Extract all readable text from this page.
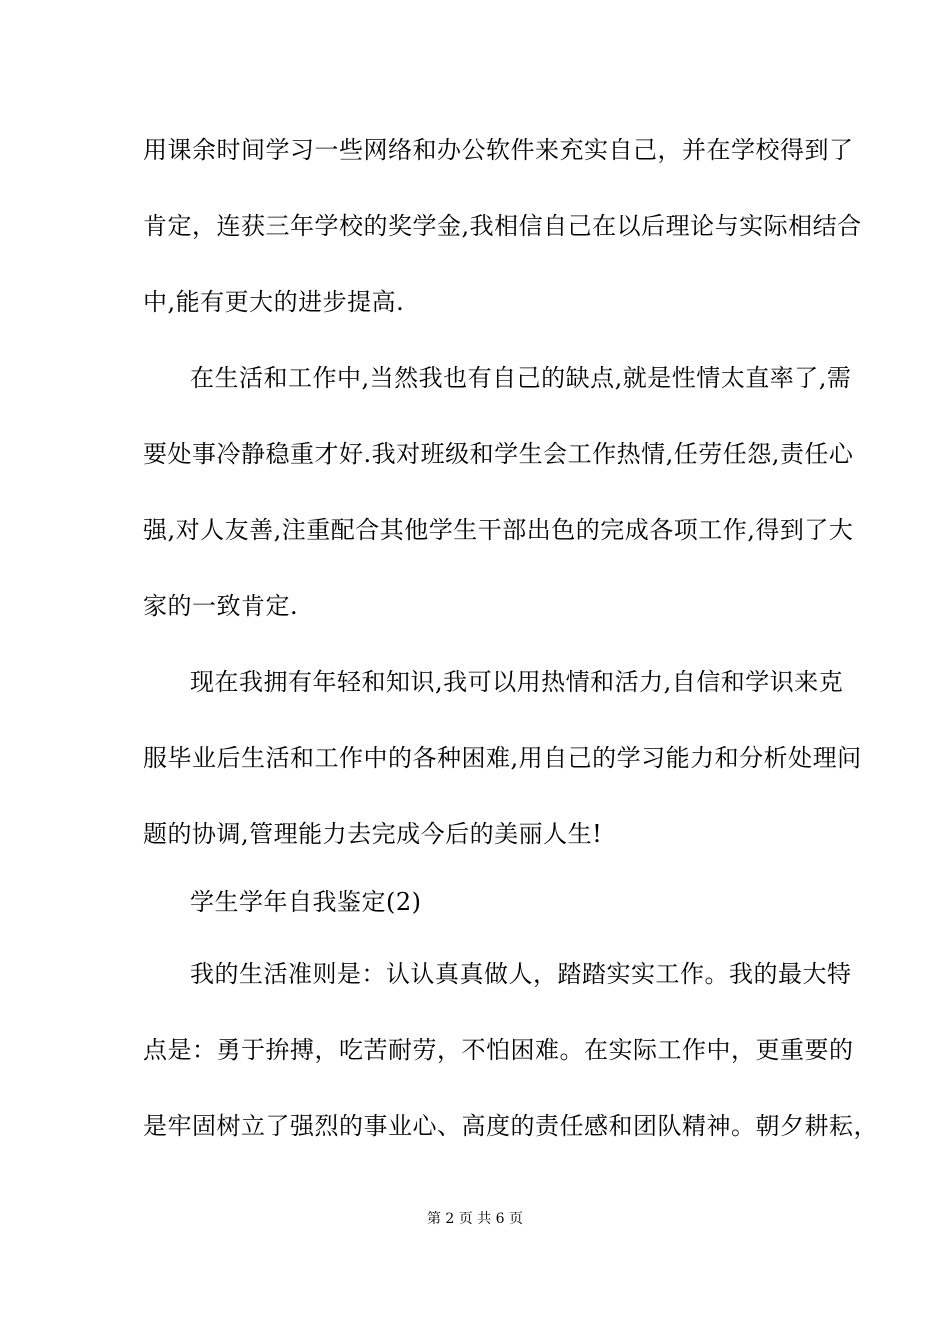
用课余时间学习一些网络和办公软件来充实自己，并在学校得到了
肯定，连获三年学校的奖学金,我相信自己在以后理论与实际相结合
中,能有更大的进步提高.
在生活和工作中,当然我也有自己的缺点,就是性情太直率了,需
要处事冷静稳重才好.我对班级和学生会工作热情,任劳任怨,责任心
强,对人友善,注重配合其他学生干部出色的完成各项工作,得到了大
家的一致肯定.
现在我拥有年轻和知识,我可以用热情和活力,自信和学识来克
服毕业后生活和工作中的各种困难,用自己的学习能力和分析处理问
题的协调,管理能力去完成今后的美丽人生!
学生学年自我鉴定(2)
我的生活准则是：认认真真做人，踏踏实实工作。我的最大特
点是：勇于拚搏，吃苦耐劳，不怕困难。在实际工作中，更重要的
是牢固树立了强烈的事业心、高度的责任感和团队精神。朝夕耕耘，
第 2 页 共 6 页
